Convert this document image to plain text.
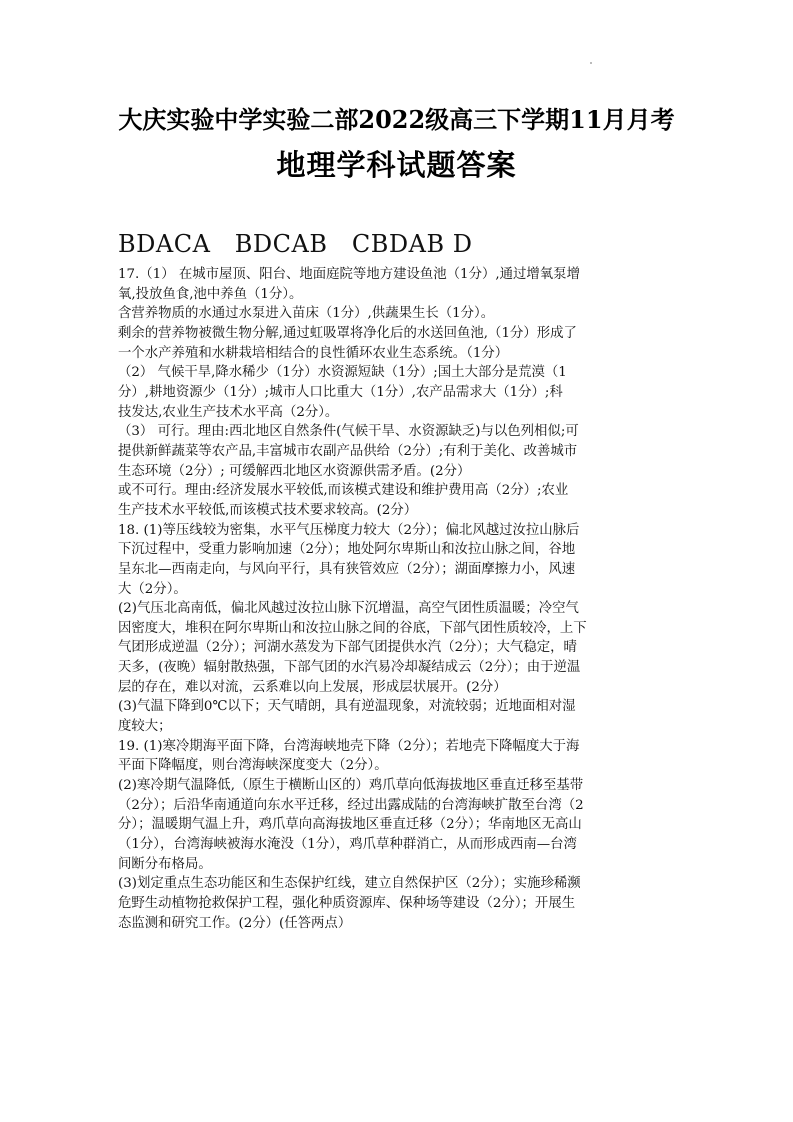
大庆实验中学实验二部2022级高三下学期11月月考
地理学科试题答案
BDACA   BDCAB   CBDAB D

17.（1） 在城市屋顶、阳台、地面庭院等地方建设鱼池（1分）,通过增氧泵增

氧,投放鱼食,池中养鱼（1分）。

含营养物质的水通过水泵进入苗床（1分）,供蔬果生长（1分）。

剩余的营养物被微生物分解,通过虹吸罩将净化后的水送回鱼池,（1分）形成了

一个水产养殖和水耕栽培相结合的良性循环农业生态系统。（1分）

（2） 气候干旱,降水稀少（1分）水资源短缺（1分）;国土大部分是荒漠（1

分）,耕地资源少（1分）;城市人口比重大（1分）,农产品需求大（1分）;科

技发达,农业生产技术水平高（2分）。

（3） 可行。理由:西北地区自然条件(气候干旱、水资源缺乏)与以色列相似;可

提供新鲜蔬菜等农产品,丰富城市农副产品供给（2分）;有利于美化、改善城市

生态环境（2分）; 可缓解西北地区水资源供需矛盾。(2分）

或不可行。理由:经济发展水平较低,而该模式建设和维护费用高（2分）;农业

生产技术水平较低,而该模式技术要求较高。(2分）

18. (1)等压线较为密集，水平气压梯度力较大（2分）；偏北风越过汝拉山脉后

下沉过程中，受重力影响加速（2分）；地处阿尔卑斯山和汝拉山脉之间，谷地

呈东北—西南走向，与风向平行，具有狭管效应（2分）；湖面摩擦力小，风速

大（2分）。

(2)气压北高南低，偏北风越过汝拉山脉下沉增温，高空气团性质温暖；冷空气

因密度大，堆积在阿尔卑斯山和汝拉山脉之间的谷底，下部气团性质较冷，上下

气团形成逆温（2分）；河湖水蒸发为下部气团提供水汽（2分）；大气稳定，晴

天多，(夜晚）辐射散热强，下部气团的水汽易冷却凝结成云（2分）；由于逆温

层的存在，难以对流，云系难以向上发展，形成层状展开。(2分）

(3)气温下降到0℃以下；天气晴朗，具有逆温现象，对流较弱；近地面相对湿

度较大；

19. (1)寒冷期海平面下降，台湾海峡地壳下降（2分）；若地壳下降幅度大于海

平面下降幅度，则台湾海峡深度变大（2分）。

(2)寒冷期气温降低,（原生于横断山区的）鸡爪草向低海拔地区垂直迁移至基带

（2分）；后沿华南通道向东水平迁移，经过出露成陆的台湾海峡扩散至台湾（2

分）；温暖期气温上升，鸡爪草向高海拔地区垂直迁移（2分）；华南地区无高山

（1分），台湾海峡被海水淹没（1分），鸡爪草种群消亡，从而形成西南—台湾

间断分布格局。

(3)划定重点生态功能区和生态保护红线，建立自然保护区（2分）；实施珍稀濒

危野生动植物抢救保护工程，强化种质资源库、保种场等建设（2分）；开展生

态监测和研究工作。(2分）(任答两点）
